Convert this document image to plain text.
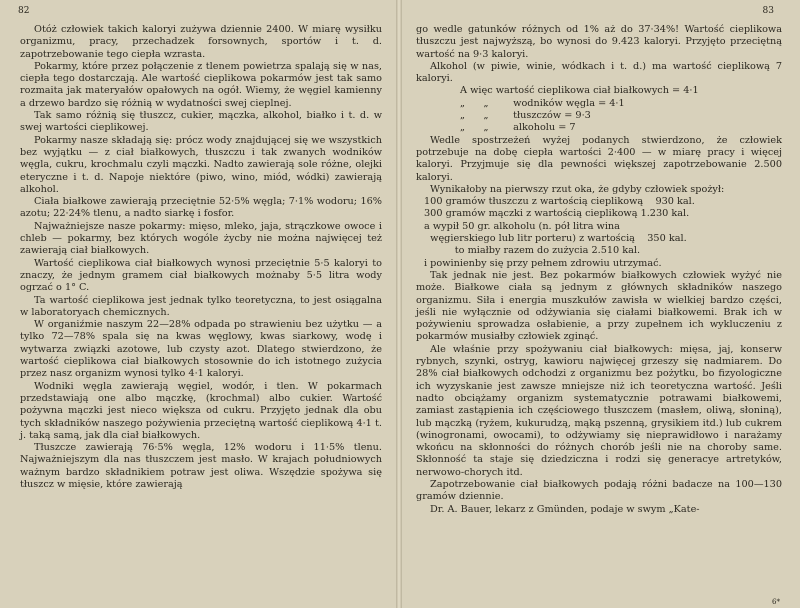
82

Otóż człowiek takich kaloryi zużywa dziennie 2400. W miarę wysiłku organizmu, pracy, przechadzek forsownych, sportów i t. d. zapotrzebowanie tego ciepła wzrasta.

Pokarmy, które przez połączenie z tlenem powietrza spalają się w nas, ciepła tego dostarczają. Ale wartość cieplikowa pokarmów jest tak samo rozmaita jak materyałów opałowych na ogół. Wiemy, że węgiel kamienny a drzewo bardzo się różnią w wydatności swej cieplnej.

Tak samo różnią się tłuszcz, cukier, mączka, alkohol, białko i t. d. w swej wartości cieplikowej.

Pokarmy nasze składają się: prócz wody znajdującej się we wszystkich bez wyjątku — z ciał białkowych, tłuszczu i tak zwanych wodników węgla, cukru, krochmalu czyli mączki. Nadto zawierają sole różne, olejki eteryczne i t. d. Napoje niektóre (piwo, wino, miód, wódki) zawierają alkohol.

Ciała białkowe zawierają przeciętnie 52·5% węgla; 7·1% wodoru; 16% azotu; 22·24% tlenu, a nadto siarkę i fosfor.

Najważniejsze nasze pokarmy: mięso, mleko, jaja, strączkowe owoce i chleb — pokarmy, bez których wogóle życby nie można najwięcej też zawierają ciał białkowych.

Wartość cieplikowa ciał białkowych wynosi przeciętnie 5·5 kaloryi to znaczy, że jednym gramem ciał białkowych możnaby 5·5 litra wody ogrzać o 1° C.

Ta wartość cieplikowa jest jednak tylko teoretyczna, to jest osiągalna w laboratoryach chemicznych.

W organiźmie naszym 22—28% odpada po strawieniu bez użytku — a tylko 72—78% spala się na kwas węglowy, kwas siarkowy, wodę i wytwarza związki azotowe, lub czysty azot. Dlatego stwierdzono, że wartość cieplikowa ciał białkowych stosownie do ich istotnego zużycia przez nasz organizm wynosi tylko 4·1 kaloryi.

Wodniki węgla zawierają węgiel, wodór, i tlen. W pokarmach przedstawiają one albo mączkę, (krochmal) albo cukier. Wartość pożywna mączki jest nieco większa od cukru. Przyjęto jednak dla obu tych składników naszego pożywienia przeciętną wartość cieplikową 4·1 t. j. taką samą, jak dla ciał białkowych.

Tłuszcze zawierają 76·5% węgla, 12% wodoru i 11·5% tlenu. Najważniejszym dla nas tłuszczem jest masło. W krajach południowych ważnym bardzo składnikiem potraw jest oliwa. Wszędzie spożywa się tłuszcz w mięsie, które zawierają

83

go wedle gatunków różnych od 1% aż do 37·34%! Wartość cieplikowa tłuszczu jest najwyższą, bo wynosi do 9.423 kaloryi. Przyjęto przeciętną wartość na 9·3 kaloryi.

Alkohol (w piwie, winie, wódkach i t. d.) ma wartość cieplikową 7 kaloryi.

A więc wartość cieplikowa ciał białkowych = 4·1
„      „        wodników węgla = 4·1
„      „        tłuszczów = 9·3
„      „        alkoholu = 7

Wedle spostrzeżeń wyżej podanych stwierdzono, że człowiek potrzebuje na dobę ciepła wartości 2·400 — w miarę pracy i więcej kaloryi. Przyjmuje się dla pewności większej zapotrzebowanie 2.500 kaloryi.

Wynikałoby na pierwszy rzut oka, że gdyby człowiek spożył:

100 gramów tłuszczu z wartością cieplikową    930 kal.
300 gramów mączki z wartością cieplikową 1.230 kal.
a wypił 50 gr. alkoholu (n. pół litra wina
węgierskiego lub litr porteru) z wartością    350 kal.
to miałby razem do zużycia 2.510 kal.
i powinienby się przy pełnem zdrowiu utrzymać.

Tak jednak nie jest. Bez pokarmów białkowych człowiek wyżyć nie może. Białkowe ciała są jednym z głównych składników naszego organizmu. Siła i energia muszkułów zawisła w wielkiej bardzo części, jeśli nie wyłącznie od odżywiania się ciałami białkowemi. Brak ich w pożywieniu sprowadza osłabienie, a przy zupełnem ich wykluczeniu z pokarmów musiałby człowiek zginąć.

Ale właśnie przy spożywaniu ciał białkowych: mięsa, jaj, konserw rybnych, szynki, ostryg, kawioru najwięcej grzeszy się nadmiarem. Do 28% ciał białkowych odchodzi z organizmu bez pożytku, bo fizyologiczne ich wyzyskanie jest zawsze mniejsze niż ich teoretyczna wartość. Jeśli nadto obciążamy organizm systematycznie potrawami białkowemi, zamiast zastąpienia ich częściowego tłuszczem (masłem, oliwą, słoniną), lub mączką (ryżem, kukurudzą, mąką pszenną, grysikiem itd.) lub cukrem (winogronami, owocami), to odżywiamy się nieprawidłowo i narażamy wkońcu na skłonności do różnych chorób jeśli nie na choroby same. Skłonność ta staje się dziedziczna i rodzi się generacye artretyków, nerwowo-chorych itd.

Zapotrzebowanie ciał białkowych podają różni badacze na 100—130 gramów dziennie.

Dr. A. Bauer, lekarz z Gmünden, podaje w swym „Kate-

6*
